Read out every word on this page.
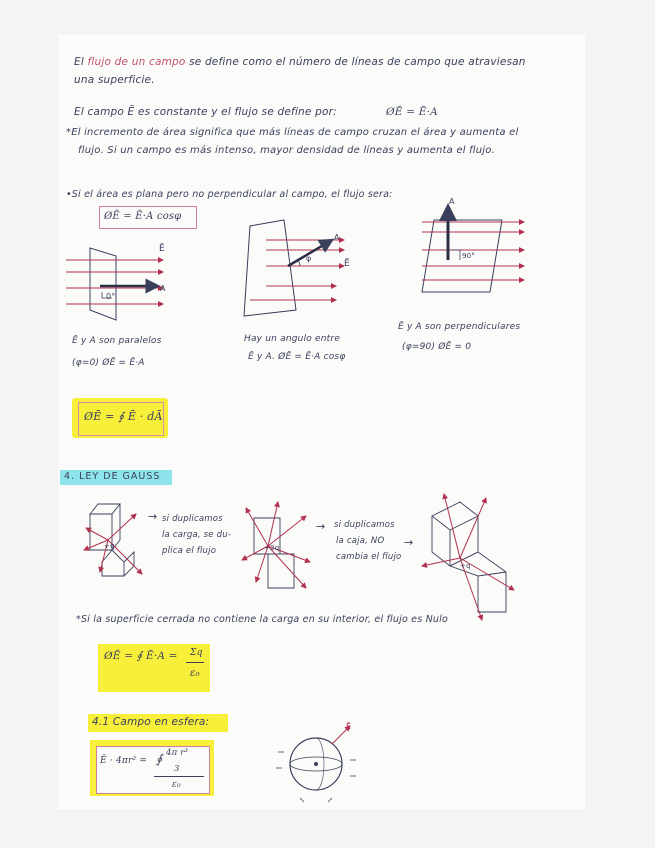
El flujo de un campo se define como el número de líneas de campo que atraviesan
una superficie.
El campo Ē es constante y el flujo se define por:	ØĒ = Ē·A
*El incremento de área significa que más líneas de campo cruzan el área y aumenta el
flujo. Si un campo es más intenso, mayor densidad de líneas y aumenta el flujo.
•Si el área es plana pero no perpendicular al campo, el flujo sera:
ØĒ = Ē·A cosφ
Ē
A
0°
Ē
A
φ
A
90°
Ē y A son paralelos
(φ=0) ØĒ = Ē·A
Hay un angulo entre
Ē y A. ØĒ = Ē·A cosφ
Ē y A son perpendiculares
(φ=90) ØĒ = 0
ØĒ = ∮ Ē · dĀ
4. LEY DE GAUSS
+q
→ si duplicamos
la carga, se du-
plica el flujo	+2q
→ si duplicamos
la caja, NO
cambia el flujo
→
+q
*Si la superficie cerrada no contiene la carga en su interior, el flujo es Nulo
ØĒ = ∮ Ē·A = Σq
ε₀
4.1 Campo en esfera:
Ē · 4πr² = ∮ 4π r³
3
ε₀
Ē
